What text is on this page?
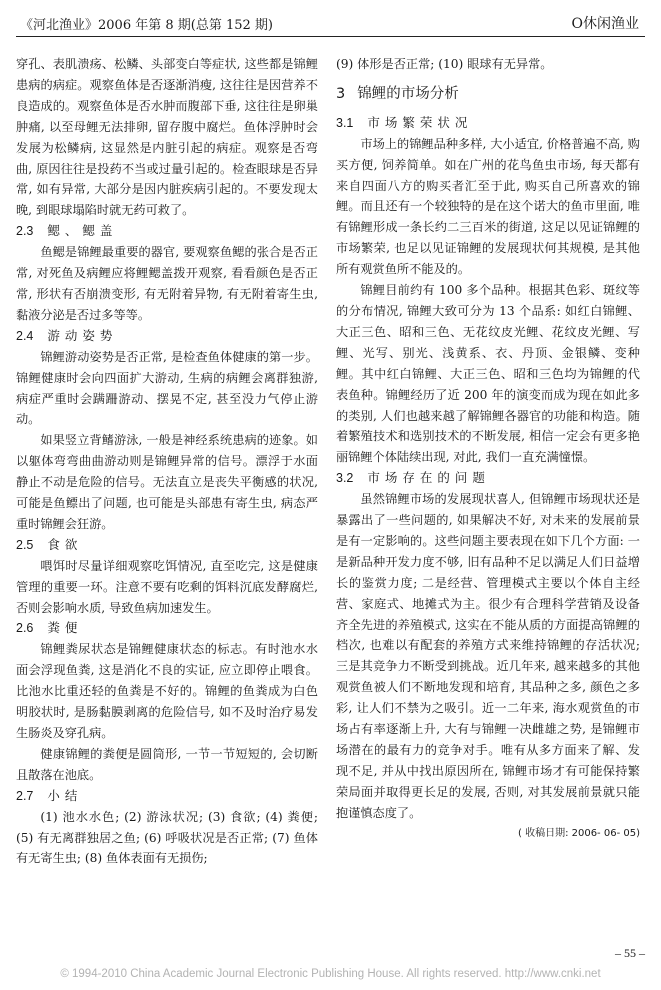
《河北渔业》2006 年第 8 期(总第 152 期)	O休闲渔业

穿孔、表肌溃疡、松鳞、头部变白等症状, 这些都是锦鲤患病的病症。观察鱼体是否逐渐消瘦, 这往往是因营养不良造成的。观察鱼体是否水肿而腹部下垂, 这往往是卵巢肿痛, 以至母鲤无法排卵, 留存腹中腐烂。鱼体浮肿时会发展为松鳞病, 这显然是内脏引起的病症。观察是否弯曲, 原因往往是投药不当或过量引起的。检查眼球是否异常, 如有异常, 大部分是因内脏疾病引起的。不要发现太晚, 到眼球塌陷时就无药可救了。

2.3 鳃、鳃盖

鱼鳃是锦鲤最重要的器官, 要观察鱼鳃的张合是否正常, 对死鱼及病鲤应将鲤鳃盖拨开观察, 看看颜色是否正常, 形状有否崩溃变形, 有无附着异物, 有无附着寄生虫, 黏液分泌是否过多等等。

2.4 游动姿势

锦鲤游动姿势是否正常, 是检查鱼体健康的第一步。锦鲤健康时会向四面扩大游动, 生病的病鲤会离群独游, 病症严重时会蹒跚游动、摆晃不定, 甚至没力气停止游动。

如果竖立背鳍游泳, 一般是神经系统患病的迹象。如以躯体弯弯曲曲游动则是锦鲤异常的信号。漂浮于水面静止不动是危险的信号。无法直立是丧失平衡感的状况, 可能是鱼鳔出了问题, 也可能是头部患有寄生虫, 病态严重时锦鲤会狂游。

2.5 食欲

喂饵时尽量详细观察吃饵情况, 直至吃完, 这是健康管理的重要一环。注意不要有吃剩的饵料沉底发酵腐烂, 否则会影响水质, 导致鱼病加速发生。

2.6 粪便

锦鲤粪尿状态是锦鲤健康状态的标志。有时池水水面会浮现鱼粪, 这是消化不良的实证, 应立即停止喂食。比池水比重还轻的鱼粪是不好的。锦鲤的鱼粪成为白色明胶状时, 是肠黏膜剥离的危险信号, 如不及时治疗易发生肠炎及穿孔病。

健康锦鲤的粪便是圆筒形, 一节一节短短的, 会切断且散落在池底。

2.7 小结

(1) 池水水色; (2) 游泳状况; (3) 食欲; (4) 粪便; (5) 有无离群独居之鱼; (6) 呼吸状况是否正常; (7) 鱼体有无寄生虫; (8) 鱼体表面有无损伤;

(9) 体形是否正常; (10) 眼球有无异常。

3 锦鲤的市场分析
3.1 市场繁荣状况

市场上的锦鲤品种多样, 大小适宜, 价格普遍不高, 购买方便, 饲养简单。如在广州的花鸟鱼虫市场, 每天都有来自四面八方的购买者汇至于此, 购买自己所喜欢的锦鲤。而且还有一个较独特的是在这个诺大的鱼市里面, 唯有锦鲤形成一条长约二三百米的街道, 这足以见证锦鲤的市场繁荣, 也足以见证锦鲤的发展现状何其规模, 是其他所有观赏鱼所不能及的。

锦鲤目前约有 100 多个品种。根据其色彩、斑纹等的分布情况, 锦鲤大致可分为 13 个品系: 如红白锦鲤、大正三色、昭和三色、无花纹皮光鲤、花纹皮光鲤、写鲤、光写、别光、浅黄系、衣、丹顶、金银鳞、变种鲤。其中红白锦鲤、大正三色、昭和三色均为锦鲤的代表鱼种。锦鲤经历了近 200 年的演变而成为现在如此多的类别, 人们也越来越了解锦鲤各器官的功能和构造。随着繁殖技术和选别技术的不断发展, 相信一定会有更多艳丽锦鲤个体陆续出现, 对此, 我们一直充满憧憬。

3.2 市场存在的问题

虽然锦鲤市场的发展现状喜人, 但锦鲤市场现状还是暴露出了一些问题的, 如果解决不好, 对未来的发展前景是有一定影响的。这些问题主要表现在如下几个方面: 一是新品种开发力度不够, 旧有品种不足以满足人们日益增长的鉴赏力度; 二是经营、管理模式主要以个体自主经营、家庭式、地摊式为主。很少有合理科学营销及设备齐全先进的养殖模式, 这实在不能从质的方面提高锦鲤的档次, 也难以有配套的养殖方式来维持锦鲤的存活状况; 三是其竞争力不断受到挑战。近几年来, 越来越多的其他观赏鱼被人们不断地发现和培育, 其品种之多, 颜色之多彩, 让人们不禁为之吸引。近一二年来, 海水观赏鱼的市场占有率逐渐上升, 大有与锦鲤一决雌雄之势, 是锦鲤市场潜在的最有力的竞争对手。唯有从多方面来了解、发现不足, 并从中找出原因所在, 锦鲤市场才有可能保持繁荣局面并取得更长足的发展, 否则, 对其发展前景就只能抱谨慎态度了。

( 收稿日期: 2006- 06- 05)
– 55 –
© 1994-2010 China Academic Journal Electronic Publishing House. All rights reserved. http://www.cnki.net
